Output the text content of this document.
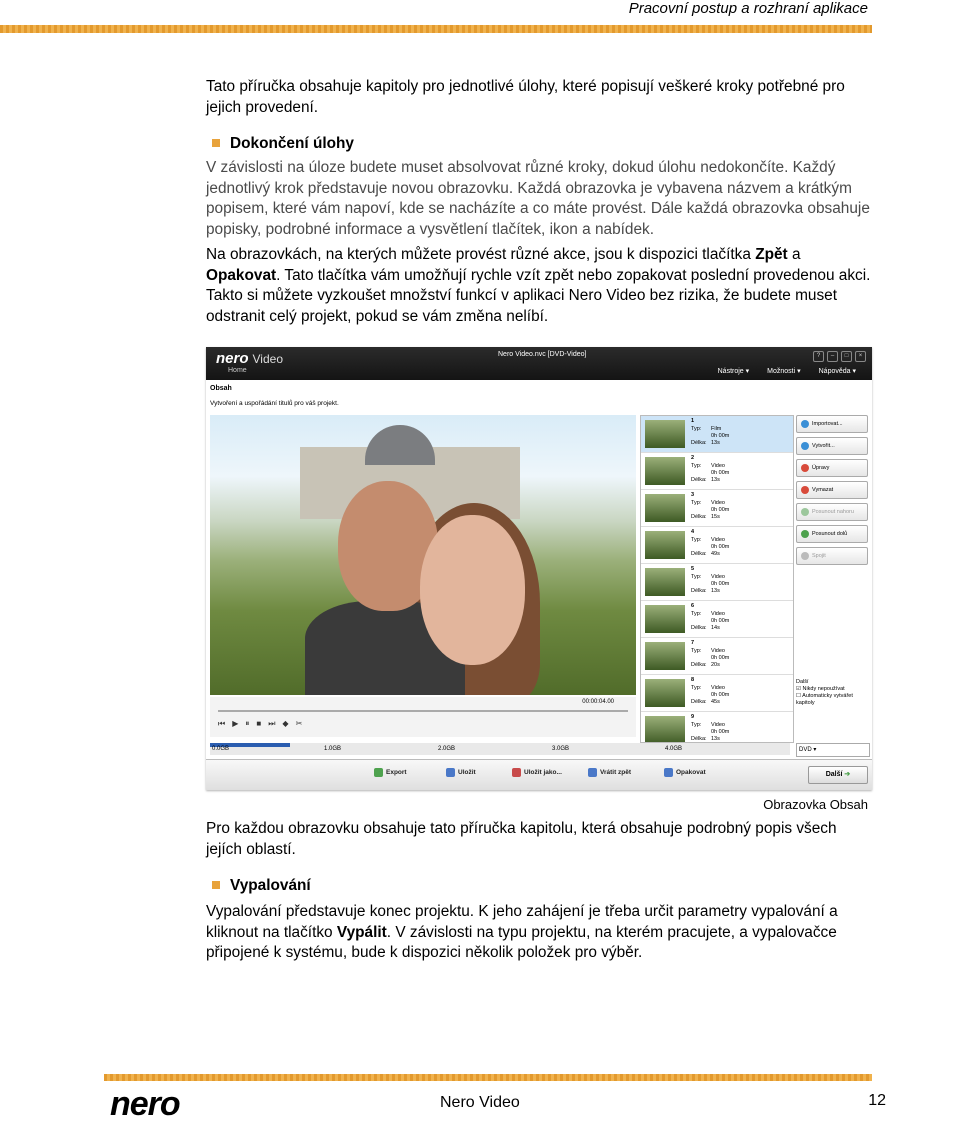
Pracovní postup a rozhraní aplikace

Tato příručka obsahuje kapitoly pro jednotlivé úlohy, které popisují veškeré kroky potřebné pro jejich provedení.

Dokončení úlohy

V závislosti na úloze budete muset absolvovat různé kroky, dokud úlohu nedokončíte. Každý jednotlivý krok představuje novou obrazovku. Každá obrazovka je vybavena názvem a krátkým popisem, které vám napoví, kde se nacházíte a co máte provést. Dále každá obrazovka obsahuje popisky, podrobné informace a vysvětlení tlačítek, ikon a nabídek.

Na obrazovkách, na kterých můžete provést různé akce, jsou k dispozici tlačítka Zpět a Opakovat. Tato tlačítka vám umožňují rychle vzít zpět nebo zopakovat poslední provedenou akci. Takto si můžete vyzkoušet množství funkcí v aplikaci Nero Video bez rizika, že budete muset odstranit celý projekt, pokud se vám změna nelíbí.

nero Video
Home
Nero Video.nvc [DVD-Video]	?	–	□	×
Nástroje ▾	Možnosti ▾	Nápověda ▾
Obsah
Vytvoření a uspořádání titulů pro váš projekt.
00:00:04.00
⏮ ▶ ⏸ ■ ⏭ ◆ ✂
1
Typ: Film
Délka:0h 00m 13s
2
Typ: Video
Délka:0h 00m 13s
3
Typ: Video
Délka:0h 00m 15s
4
Typ: Video
Délka:0h 00m 49s
5
Typ: Video
Délka:0h 00m 13s
6
Typ: Video
Délka:0h 00m 14s
7
Typ: Video
Délka:0h 00m 20s
8
Typ: Video
Délka:0h 00m 45s
9
Typ: Video
Délka:0h 00m 13s
Importovat...
Vytvořit...
Úpravy
Vymazat
Posunout nahoru
Posunout dolů
Spojit
Další
☑ Nikdy nepoužívat
☐ Automaticky vytvářet kapitoly
0.0GB	1.0GB	2.0GB	3.0GB	4.0GB	DVD ▾
Export	Uložit	Uložit jako...	Vrátit zpět	Opakovat	Další ➔
Obrazovka Obsah

Pro každou obrazovku obsahuje tato příručka kapitolu, která obsahuje podrobný popis všech jejích oblastí.

Vypalování

Vypalování představuje konec projektu. K jeho zahájení je třeba určit parametry vypalování a kliknout na tlačítko Vypálit. V závislosti na typu projektu, na kterém pracujete, a vypalovačce připojené k systému, bude k dispozici několik položek pro výběr.

nero	Nero Video	12
